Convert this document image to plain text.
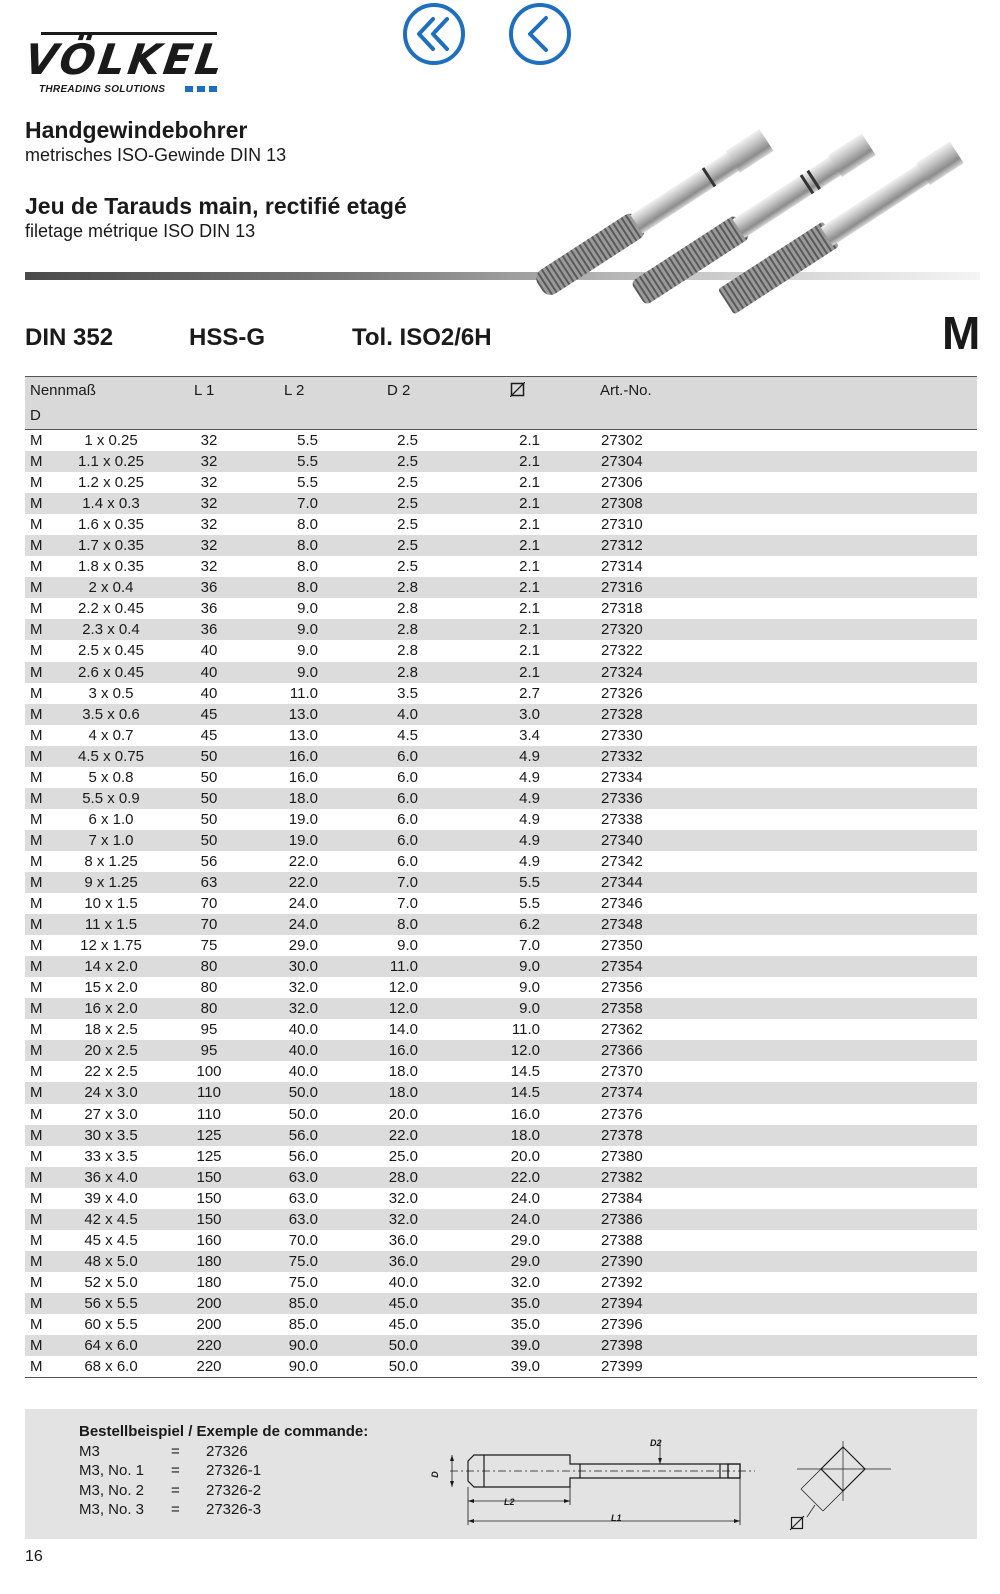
VÖLKEL
THREADING SOLUTIONS
Handgewindebohrer
metrisches ISO-Gewinde DIN 13
Jeu de Tarauds main, rectifié etagé
filetage métrique ISO DIN 13
DIN 352	HSS-G	Tol. ISO2/6H	M
Nennmaß
D
L 1	L 2	D 2	Art.-No.
M	1 x 0.25	32	5.5	2.5	2.1	27302
M	1.1 x 0.25	32	5.5	2.5	2.1	27304
M	1.2 x 0.25	32	5.5	2.5	2.1	27306
M	1.4 x 0.3	32	7.0	2.5	2.1	27308
M	1.6 x 0.35	32	8.0	2.5	2.1	27310
M	1.7 x 0.35	32	8.0	2.5	2.1	27312
M	1.8 x 0.35	32	8.0	2.5	2.1	27314
M	2 x 0.4	36	8.0	2.8	2.1	27316
M	2.2 x 0.45	36	9.0	2.8	2.1	27318
M	2.3 x 0.4	36	9.0	2.8	2.1	27320
M	2.5 x 0.45	40	9.0	2.8	2.1	27322
M	2.6 x 0.45	40	9.0	2.8	2.1	27324
M	3 x 0.5	40	11.0	3.5	2.7	27326
M	3.5 x 0.6	45	13.0	4.0	3.0	27328
M	4 x 0.7	45	13.0	4.5	3.4	27330
M	4.5 x 0.75	50	16.0	6.0	4.9	27332
M	5 x 0.8	50	16.0	6.0	4.9	27334
M	5.5 x 0.9	50	18.0	6.0	4.9	27336
M	6 x 1.0	50	19.0	6.0	4.9	27338
M	7 x 1.0	50	19.0	6.0	4.9	27340
M	8 x 1.25	56	22.0	6.0	4.9	27342
M	9 x 1.25	63	22.0	7.0	5.5	27344
M	10 x 1.5	70	24.0	7.0	5.5	27346
M	11 x 1.5	70	24.0	8.0	6.2	27348
M	12 x 1.75	75	29.0	9.0	7.0	27350
M	14 x 2.0	80	30.0	11.0	9.0	27354
M	15 x 2.0	80	32.0	12.0	9.0	27356
M	16 x 2.0	80	32.0	12.0	9.0	27358
M	18 x 2.5	95	40.0	14.0	11.0	27362
M	20 x 2.5	95	40.0	16.0	12.0	27366
M	22 x 2.5	100	40.0	18.0	14.5	27370
M	24 x 3.0	110	50.0	18.0	14.5	27374
M	27 x 3.0	110	50.0	20.0	16.0	27376
M	30 x 3.5	125	56.0	22.0	18.0	27378
M	33 x 3.5	125	56.0	25.0	20.0	27380
M	36 x 4.0	150	63.0	28.0	22.0	27382
M	39 x 4.0	150	63.0	32.0	24.0	27384
M	42 x 4.5	150	63.0	32.0	24.0	27386
M	45 x 4.5	160	70.0	36.0	29.0	27388
M	48 x 5.0	180	75.0	36.0	29.0	27390
M	52 x 5.0	180	75.0	40.0	32.0	27392
M	56 x 5.5	200	85.0	45.0	35.0	27394
M	60 x 5.5	200	85.0	45.0	35.0	27396
M	64 x 6.0	220	90.0	50.0	39.0	27398
M	68 x 6.0	220	90.0	50.0	39.0	27399
Bestellbeispiel / Exemple de commande:
M3	= 27326
M3, No. 1 = 27326-1
M3, No. 2 = 27326-2
M3, No. 3 = 27326-3
D2
D
L2
L1
16
